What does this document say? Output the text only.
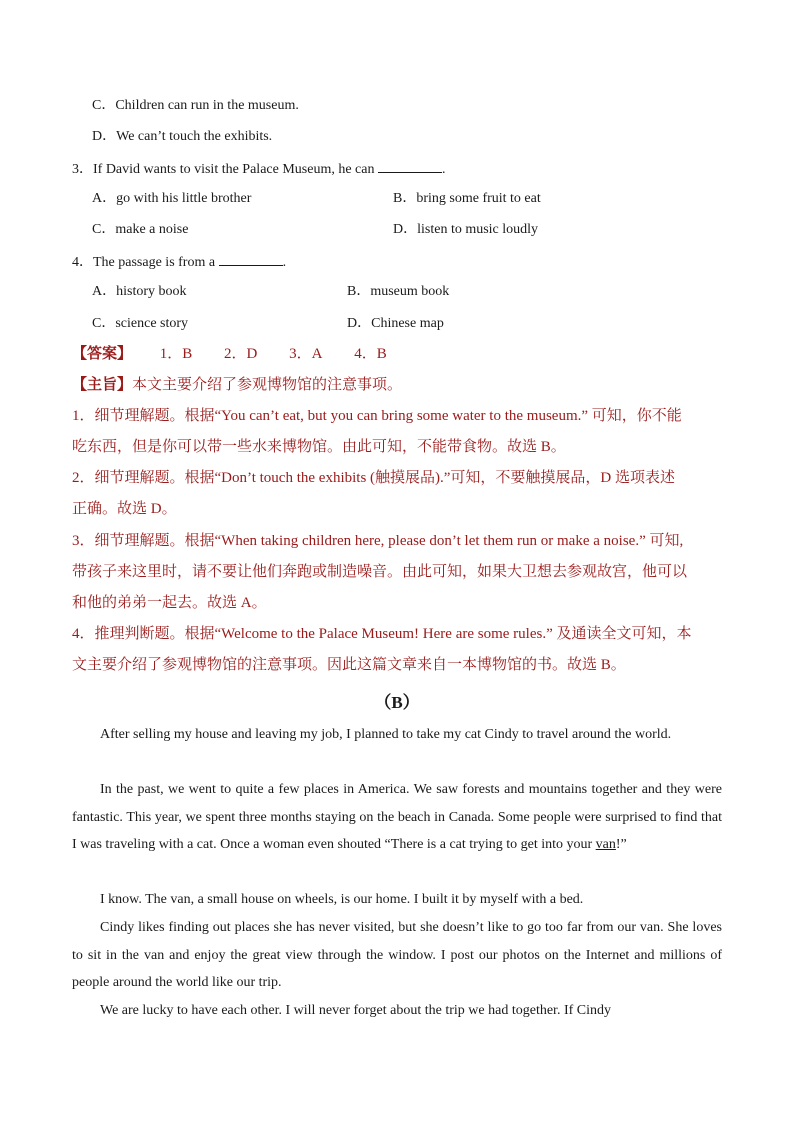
C．Children can run in the museum.
D．We can’t touch the exhibits.
3．If David wants to visit the Palace Museum, he can	.
A．go with his little brother	B．bring some fruit to eat
C．make a noise	D．listen to music loudly
4．The passage is from a	.
A．history book	B．museum book
C．science story	D．Chinese map
【答案】 1．B 2．D 3．A 4．B
【主旨】本文主要介绍了参观博物馆的注意事项。
1．细节理解题。根据“You can’t eat, but you can bring some water to the museum.” 可知，你不能
吃东西，但是你可以带一些水来博物馆。由此可知，不能带食物。故选 B。
2．细节理解题。根据“Don’t touch the exhibits (触摸展品).”可知，不要触摸展品，D 选项表述
正确。故选 D。
3．细节理解题。根据“When taking children here, please don’t let them run or make a noise.” 可知,
带孩子来这里时，请不要让他们奔跑或制造噪音。由此可知，如果大卫想去参观故宫，他可以
和他的弟弟一起去。故选 A。
4．推理判断题。根据“Welcome to the Palace Museum! Here are some rules.” 及通读全文可知，本
文主要介绍了参观博物馆的注意事项。因此这篇文章来自一本博物馆的书。故选 B。
（B）
After selling my house and leaving my job, I planned to take my cat Cindy to travel around the world.
In the past, we went to quite a few places in America. We saw forests and mountains together and they were fantastic. This year, we spent three months staying on the beach in Canada. Some people were surprised to find that I was traveling with a cat. Once a woman even shouted “There is a cat trying to get into your van!”
I know. The van, a small house on wheels, is our home. I built it by myself with a bed.
Cindy likes finding out places she has never visited, but she doesn’t like to go too far from our van. She loves to sit in the van and enjoy the great view through the window. I post our photos on the Internet and millions of people around the world like our trip.
We are lucky to have each other. I will never forget about the trip we had together. If Cindy
